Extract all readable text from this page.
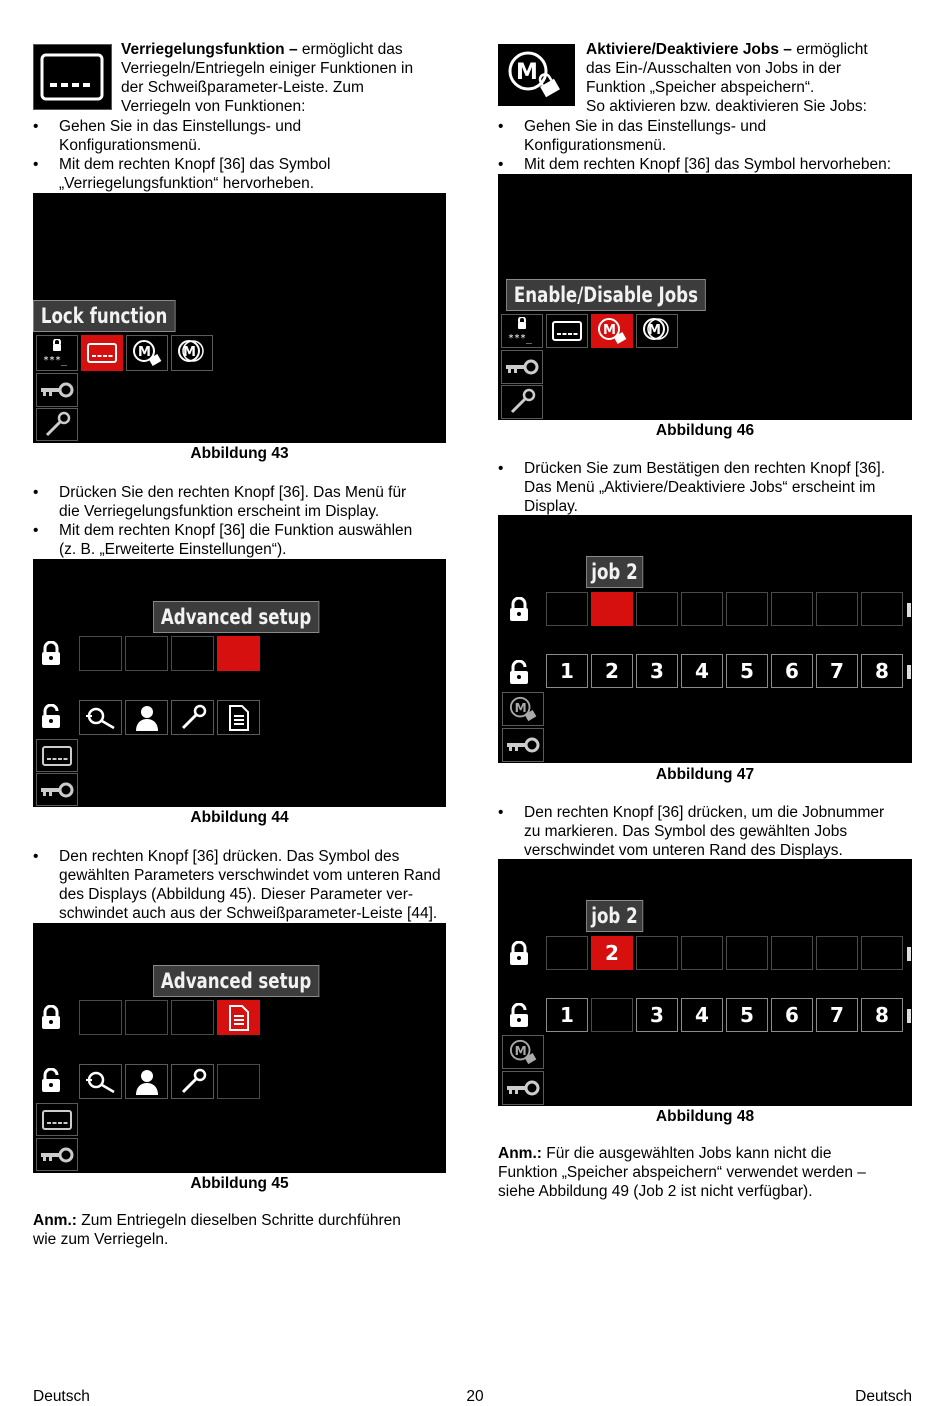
Verriegelungsfunktion – ermöglicht das

Verriegeln/Entriegeln einiger Funktionen in

der Schweißparameter-Leiste. Zum

Verriegeln von Funktionen:

• Gehen Sie in das Einstellungs- und
Konfigurationsmenü.
• Mit dem rechten Knopf [36] das Symbol
„Verriegelungsfunktion“ hervorheben.
Lock function
***_
M M
Abbildung 43
• Drücken Sie den rechten Knopf [36]. Das Menü für
die Verriegelungsfunktion erscheint im Display.
• Mit dem rechten Knopf [36] die Funktion auswählen
(z. B. „Erweiterte Einstellungen“).
Advanced setup
Abbildung 44
• Den rechten Knopf [36] drücken. Das Symbol des
gewählten Parameters verschwindet vom unteren Rand
des Displays (Abbildung 45). Dieser Parameter ver-
schwindet auch aus der Schweißparameter-Leiste [44].
Advanced setup
Abbildung 45

Anm.: Zum Entriegeln dieselben Schritte durchführen

wie zum Verriegeln.

M

Aktiviere/Deaktiviere Jobs – ermöglicht

das Ein-/Ausschalten von Jobs in der

Funktion „Speicher abspeichern“.

So aktivieren bzw. deaktivieren Sie Jobs:

• Gehen Sie in das Einstellungs- und
Konfigurationsmenü.
• Mit dem rechten Knopf [36] das Symbol hervorheben:
Enable/Disable Jobs
***_
M M
Abbildung 46
• Drücken Sie zum Bestätigen den rechten Knopf [36].
Das Menü „Aktiviere/Deaktiviere Jobs“ erscheint im
Display.
job 2
1	2	3	4	5	6	7	8
M
Abbildung 47
• Den rechten Knopf [36] drücken, um die Jobnummer
zu markieren. Das Symbol des gewählten Jobs
verschwindet vom unteren Rand des Displays.
job 2
2
1	3	4	5	6	7	8
M
Abbildung 48

Anm.: Für die ausgewählten Jobs kann nicht die

Funktion „Speicher abspeichern“ verwendet werden –

siehe Abbildung 49 (Job 2 ist nicht verfügbar).

Deutsch	20	Deutsch
